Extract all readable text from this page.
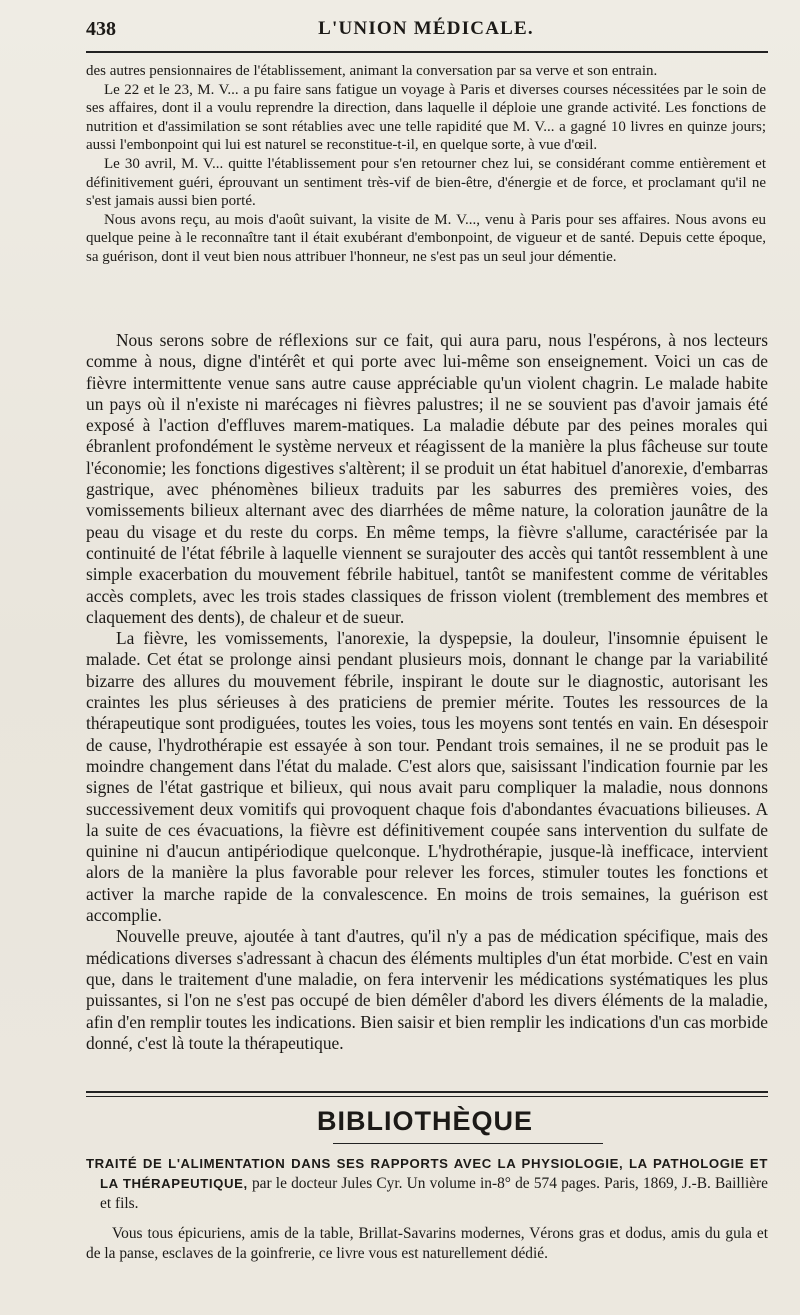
438	L'UNION MÉDICALE.

des autres pensionnaires de l'établissement, animant la conversation par sa verve et son entrain.

Le 22 et le 23, M. V... a pu faire sans fatigue un voyage à Paris et diverses courses nécessitées par le soin de ses affaires, dont il a voulu reprendre la direction, dans laquelle il déploie une grande activité. Les fonctions de nutrition et d'assimilation se sont rétablies avec une telle rapidité que M. V... a gagné 10 livres en quinze jours; aussi l'embonpoint qui lui est naturel se reconstitue-t-il, en quelque sorte, à vue d'œil.

Le 30 avril, M. V... quitte l'établissement pour s'en retourner chez lui, se considérant comme entièrement et définitivement guéri, éprouvant un sentiment très-vif de bien-être, d'énergie et de force, et proclamant qu'il ne s'est jamais aussi bien porté.

Nous avons reçu, au mois d'août suivant, la visite de M. V..., venu à Paris pour ses affaires. Nous avons eu quelque peine à le reconnaître tant il était exubérant d'embonpoint, de vigueur et de santé. Depuis cette époque, sa guérison, dont il veut bien nous attribuer l'honneur, ne s'est pas un seul jour démentie.

Nous serons sobre de réflexions sur ce fait, qui aura paru, nous l'espérons, à nos lecteurs comme à nous, digne d'intérêt et qui porte avec lui-même son enseignement. Voici un cas de fièvre intermittente venue sans autre cause appréciable qu'un violent chagrin. Le malade habite un pays où il n'existe ni marécages ni fièvres palustres; il ne se souvient pas d'avoir jamais été exposé à l'action d'effluves marem-matiques. La maladie débute par des peines morales qui ébranlent profondément le système nerveux et réagissent de la manière la plus fâcheuse sur toute l'économie; les fonctions digestives s'altèrent; il se produit un état habituel d'anorexie, d'embarras gastrique, avec phénomènes bilieux traduits par les saburres des premières voies, des vomissements bilieux alternant avec des diarrhées de même nature, la coloration jaunâtre de la peau du visage et du reste du corps. En même temps, la fièvre s'allume, caractérisée par la continuité de l'état fébrile à laquelle viennent se surajouter des accès qui tantôt ressemblent à une simple exacerbation du mouvement fébrile habituel, tantôt se manifestent comme de véritables accès complets, avec les trois stades classiques de frisson violent (tremblement des membres et claquement des dents), de chaleur et de sueur.

La fièvre, les vomissements, l'anorexie, la dyspepsie, la douleur, l'insomnie épuisent le malade. Cet état se prolonge ainsi pendant plusieurs mois, donnant le change par la variabilité bizarre des allures du mouvement fébrile, inspirant le doute sur le diagnostic, autorisant les craintes les plus sérieuses à des praticiens de premier mérite. Toutes les ressources de la thérapeutique sont prodiguées, toutes les voies, tous les moyens sont tentés en vain. En désespoir de cause, l'hydrothérapie est essayée à son tour. Pendant trois semaines, il ne se produit pas le moindre changement dans l'état du malade. C'est alors que, saisissant l'indication fournie par les signes de l'état gastrique et bilieux, qui nous avait paru compliquer la maladie, nous donnons successivement deux vomitifs qui provoquent chaque fois d'abondantes évacuations bilieuses. A la suite de ces évacuations, la fièvre est définitivement coupée sans intervention du sulfate de quinine ni d'aucun antipériodique quelconque. L'hydrothérapie, jusque-là inefficace, intervient alors de la manière la plus favorable pour relever les forces, stimuler toutes les fonctions et activer la marche rapide de la convalescence. En moins de trois semaines, la guérison est accomplie.

Nouvelle preuve, ajoutée à tant d'autres, qu'il n'y a pas de médication spécifique, mais des médications diverses s'adressant à chacun des éléments multiples d'un état morbide. C'est en vain que, dans le traitement d'une maladie, on fera intervenir les médications systématiques les plus puissantes, si l'on ne s'est pas occupé de bien démêler d'abord les divers éléments de la maladie, afin d'en remplir toutes les indications. Bien saisir et bien remplir les indications d'un cas morbide donné, c'est là toute la thérapeutique.

BIBLIOTHÈQUE

TRAITÉ DE L'ALIMENTATION DANS SES RAPPORTS AVEC LA PHYSIOLOGIE, LA PATHOLOGIE ET LA THÉRAPEUTIQUE, par le docteur Jules Cyr. Un volume in-8° de 574 pages. Paris, 1869, J.-B. Baillière et fils.

Vous tous épicuriens, amis de la table, Brillat-Savarins modernes, Vérons gras et dodus, amis du gula et de la panse, esclaves de la goinfrerie, ce livre vous est naturellement dédié.
